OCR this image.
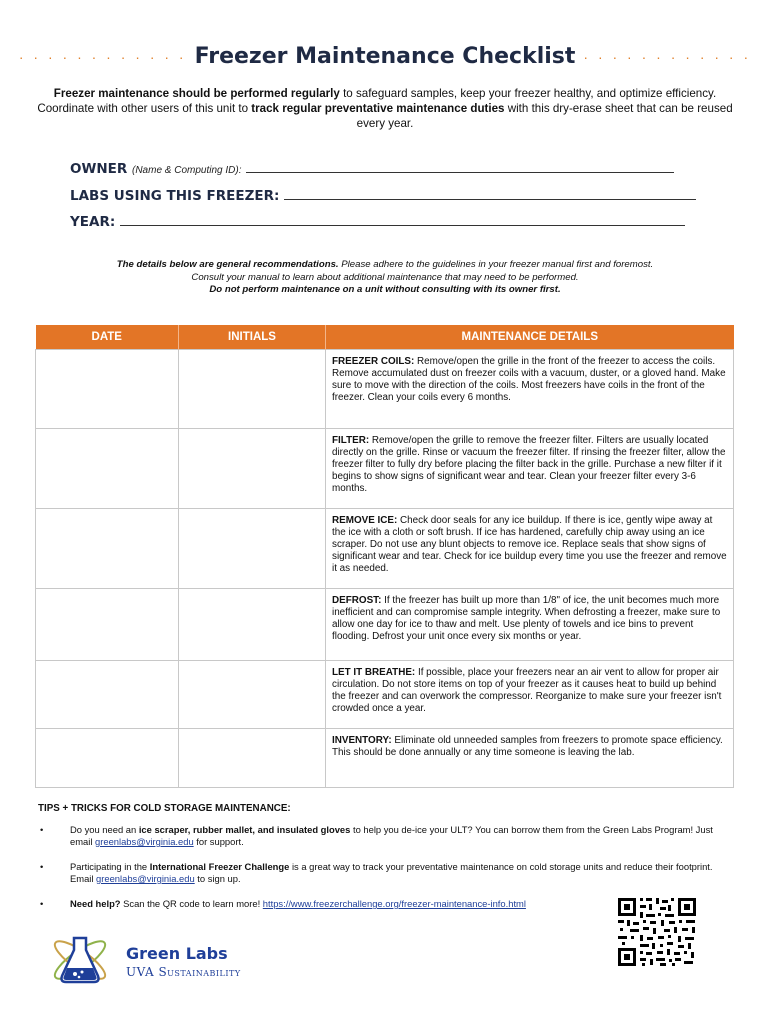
· · · · · · · · · · · · Freezer Maintenance Checklist · · · · · · · · · · · ·
Freezer maintenance should be performed regularly to safeguard samples, keep your freezer healthy, and optimize efficiency. Coordinate with other users of this unit to track regular preventative maintenance duties with this dry-erase sheet that can be reused every year.
OWNER (Name & Computing ID):
LABS USING THIS FREEZER:
YEAR:
The details below are general recommendations. Please adhere to the guidelines in your freezer manual first and foremost.
Consult your manual to learn about additional maintenance that may need to be performed.
Do not perform maintenance on a unit without consulting with its owner first.
DATE	INITIALS	MAINTENANCE DETAILS
		FREEZER COILS: Remove/open the grille in the front of the freezer to access the coils. Remove accumulated dust on freezer coils with a vacuum, duster, or a gloved hand. Make sure to move with the direction of the coils. Most freezers have coils in the front of the freezer. Clean your coils every 6 months.
		FILTER: Remove/open the grille to remove the freezer filter. Filters are usually located directly on the grille. Rinse or vacuum the freezer filter. If rinsing the freezer filter, allow the freezer filter to fully dry before placing the filter back in the grille. Purchase a new filter if it begins to show signs of significant wear and tear. Clean your freezer filter every 3-6 months.
		REMOVE ICE: Check door seals for any ice buildup. If there is ice, gently wipe away at the ice with a cloth or soft brush. If ice has hardened, carefully chip away using an ice scraper. Do not use any blunt objects to remove ice. Replace seals that show signs of significant wear and tear. Check for ice buildup every time you use the freezer and remove it as needed.
		DEFROST: If the freezer has built up more than 1/8" of ice, the unit becomes much more inefficient and can compromise sample integrity. When defrosting a freezer, make sure to allow one day for ice to thaw and melt. Use plenty of towels and ice bins to prevent flooding. Defrost your unit once every six months or year.
		LET IT BREATHE: If possible, place your freezers near an air vent to allow for proper air circulation. Do not store items on top of your freezer as it causes heat to build up behind the freezer and can overwork the compressor. Reorganize to make sure your freezer isn't crowded once a year.
		INVENTORY: Eliminate old unneeded samples from freezers to promote space efficiency. This should be done annually or any time someone is leaving the lab.
TIPS + TRICKS FOR COLD STORAGE MAINTENANCE:
•	Do you need an ice scraper, rubber mallet, and insulated gloves to help you de-ice your ULT? You can borrow them from the Green Labs Program! Just email greenlabs@virginia.edu for support.
•	Participating in the International Freezer Challenge is a great way to track your preventative maintenance on cold storage units and reduce their footprint. Email greenlabs@virginia.edu to sign up.
•	Need help? Scan the QR code to learn more! https://www.freezerchallenge.org/freezer-maintenance-info.html
Green Labs
UVA Sustainability
